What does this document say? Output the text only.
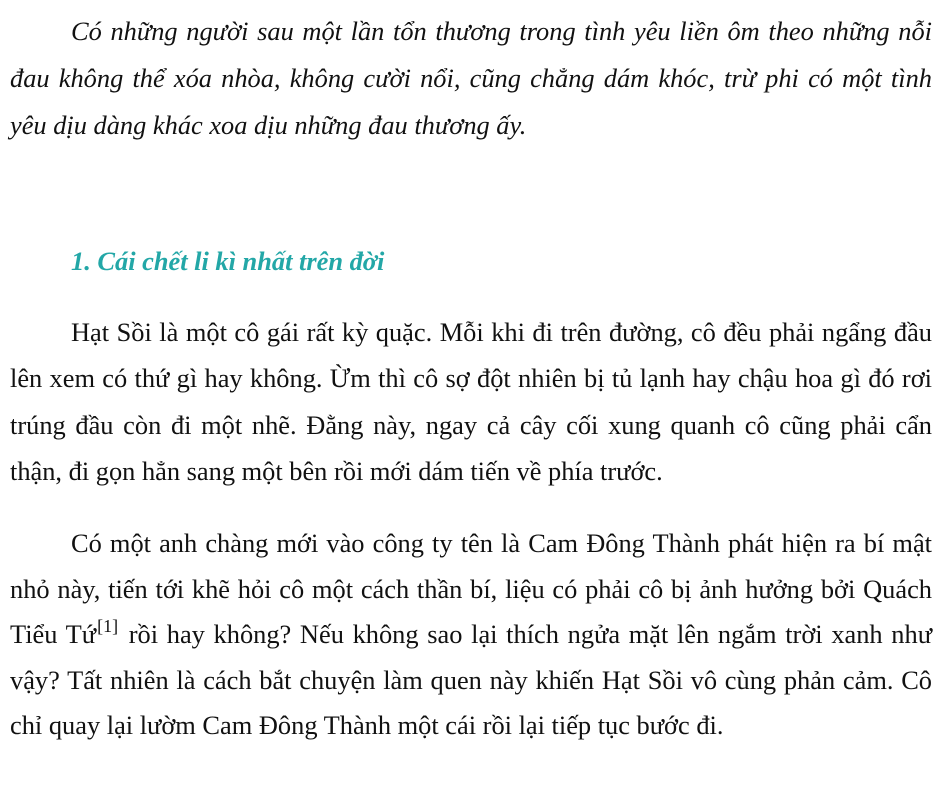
Có những người sau một lần tổn thương trong tình yêu liền ôm theo những nỗi đau không thể xóa nhòa, không cười nổi, cũng chẳng dám khóc, trừ phi có một tình yêu dịu dàng khác xoa dịu những đau thương ấy.

1. Cái chết li kì nhất trên đời

Hạt Sồi là một cô gái rất kỳ quặc. Mỗi khi đi trên đường, cô đều phải ngẩng đầu lên xem có thứ gì hay không. Ừm thì cô sợ đột nhiên bị tủ lạnh hay chậu hoa gì đó rơi trúng đầu còn đi một nhẽ. Đằng này, ngay cả cây cối xung quanh cô cũng phải cẩn thận, đi gọn hẳn sang một bên rồi mới dám tiến về phía trước.

Có một anh chàng mới vào công ty tên là Cam Đông Thành phát hiện ra bí mật nhỏ này, tiến tới khẽ hỏi cô một cách thần bí, liệu có phải cô bị ảnh hưởng bởi Quách Tiểu Tứ[1] rồi hay không? Nếu không sao lại thích ngửa mặt lên ngắm trời xanh như vậy? Tất nhiên là cách bắt chuyện làm quen này khiến Hạt Sồi vô cùng phản cảm. Cô chỉ quay lại lườm Cam Đông Thành một cái rồi lại tiếp tục bước đi.
